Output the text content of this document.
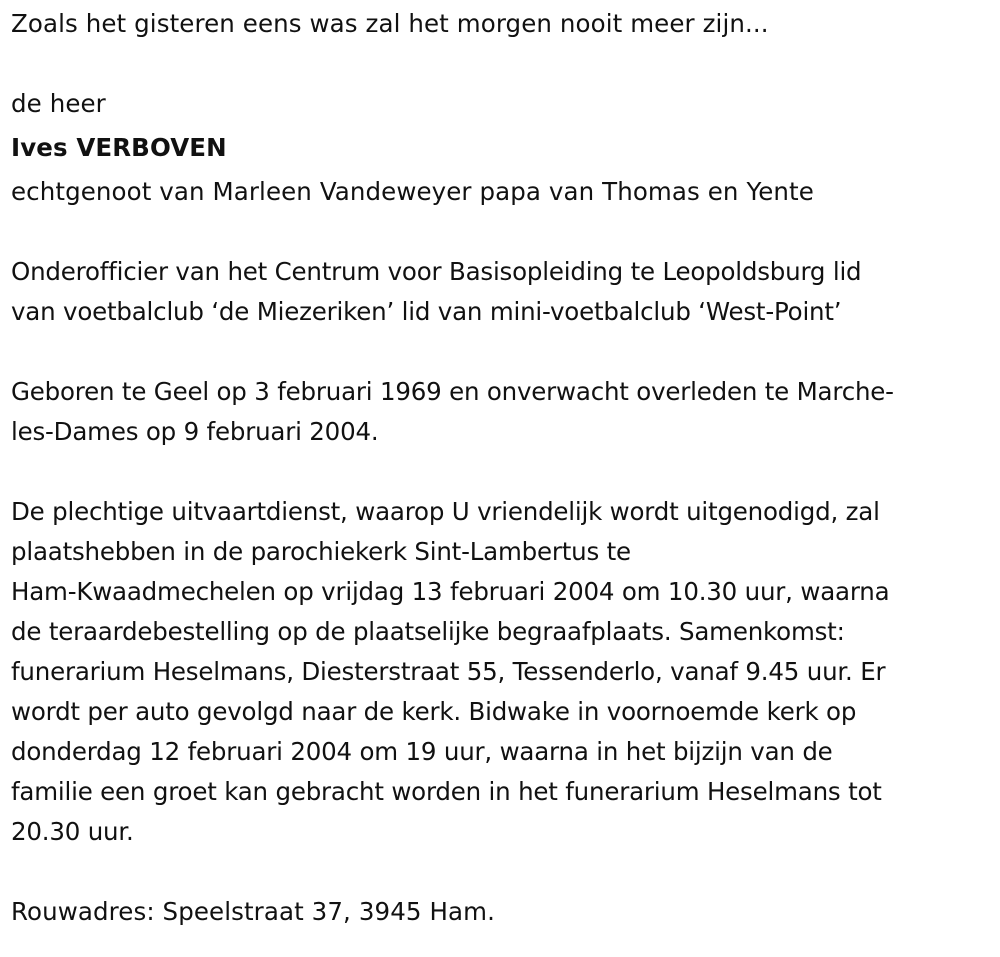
Zoals het gisteren eens was zal het morgen nooit meer zijn...
de heer
Ives VERBOVEN
echtgenoot van Marleen Vandeweyer papa van Thomas en Yente
Onderofficier van het Centrum voor Basisopleiding te Leopoldsburg lid
van voetbalclub ‘de Miezeriken’ lid van mini-voetbalclub ‘West-Point’
Geboren te Geel op 3 februari 1969 en onverwacht overleden te Marche-
les-Dames op 9 februari 2004.
De plechtige uitvaartdienst, waarop U vriendelijk wordt uitgenodigd, zal
plaatshebben in de parochiekerk Sint-Lambertus te
Ham-Kwaadmechelen op vrijdag 13 februari 2004 om 10.30 uur, waarna
de teraardebestelling op de plaatselijke begraafplaats. Samenkomst:
funerarium Heselmans, Diesterstraat 55, Tessenderlo, vanaf 9.45 uur. Er
wordt per auto gevolgd naar de kerk. Bidwake in voornoemde kerk op
donderdag 12 februari 2004 om 19 uur, waarna in het bijzijn van de
familie een groet kan gebracht worden in het funerarium Heselmans tot
20.30 uur.
Rouwadres: Speelstraat 37, 3945 Ham.
